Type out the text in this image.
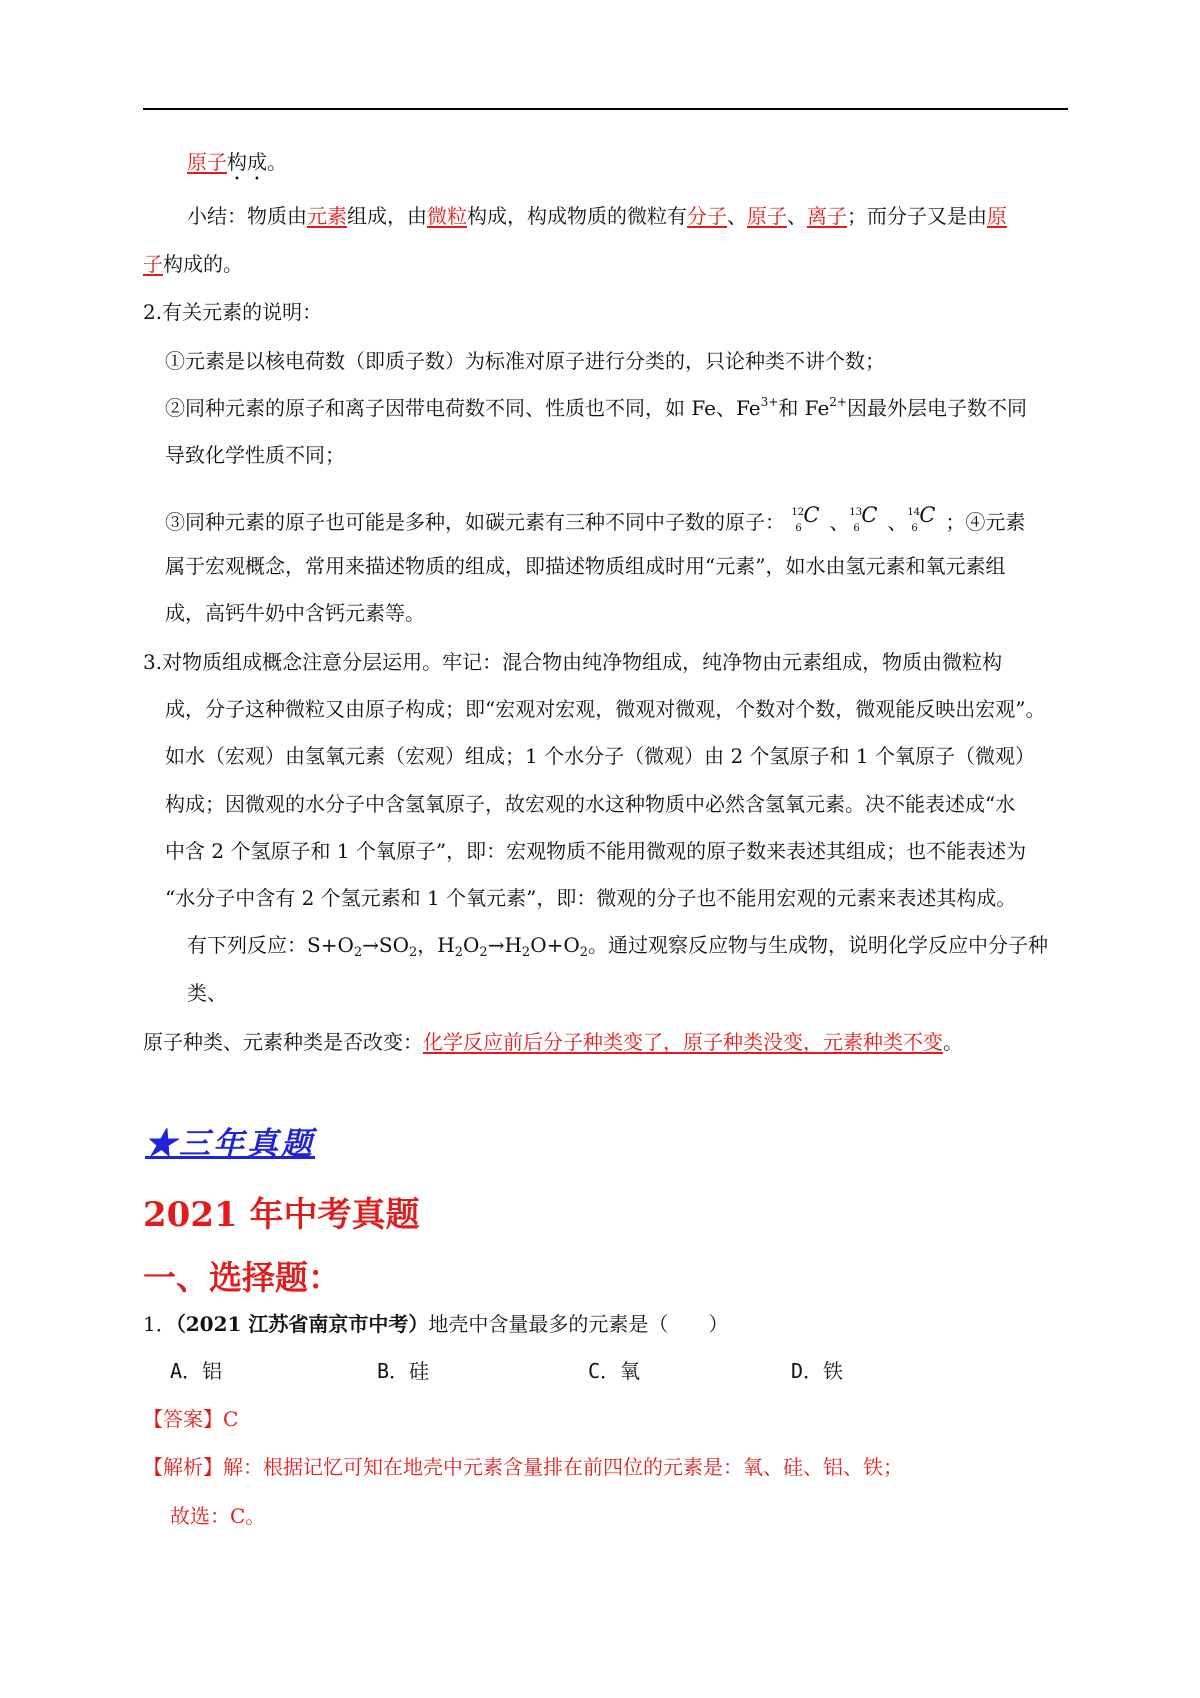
原子构成。
小结：物质由元素组成，由微粒构成，构成物质的微粒有分子、原子、离子；而分子又是由原
子构成的。
2.有关元素的说明：
①元素是以核电荷数（即质子数）为标准对原子进行分类的，只论种类不讲个数；
②同种元素的原子和离子因带电荷数不同、性质也不同，如 Fe、$Fe^{3+}$和 $Fe^{2+}$因最外层电子数不同
导致化学性质不同；
③同种元素的原子也可能是多种，如碳元素有三种不同中子数的原子： 12
6
C 、 13
6
C 、 14
6
C ；④元素
属于宏观概念，常用来描述物质的组成，即描述物质组成时用“元素”，如水由氢元素和氧元素组
成，高钙牛奶中含钙元素等。
3.对物质组成概念注意分层运用。牢记：混合物由纯净物组成，纯净物由元素组成，物质由微粒构
成，分子这种微粒又由原子构成；即“宏观对宏观，微观对微观，个数对个数，微观能反映出宏观”。
如水（宏观）由氢氧元素（宏观）组成；1 个水分子（微观）由 2 个氢原子和 1 个氧原子（微观）
构成；因微观的水分子中含氢氧原子，故宏观的水这种物质中必然含氢氧元素。决不能表述成“水
中含 2 个氢原子和 1 个氧原子”，即：宏观物质不能用微观的原子数来表述其组成；也不能表述为
“水分子中含有 2 个氢元素和 1 个氧元素”，即：微观的分子也不能用宏观的元素来表述其构成。
有下列反应：$S+O_2\to SO_2$，$H_2O_2\to H_2O+O_2$。通过观察反应物与生成物，说明化学反应中分子种
类、
原子种类、元素种类是否改变：化学反应前后分子种类变了，原子种类没变，元素种类不变。
★三年真题
2021 年中考真题
一、选择题：
1．（2021 江苏省南京市中考）地壳中含量最多的元素是（　　）
A．铝	B．硅	C．氧	D．铁
【答案】C
【解析】解：根据记忆可知在地壳中元素含量排在前四位的元素是：氧、硅、铝、铁；
故选：C。
